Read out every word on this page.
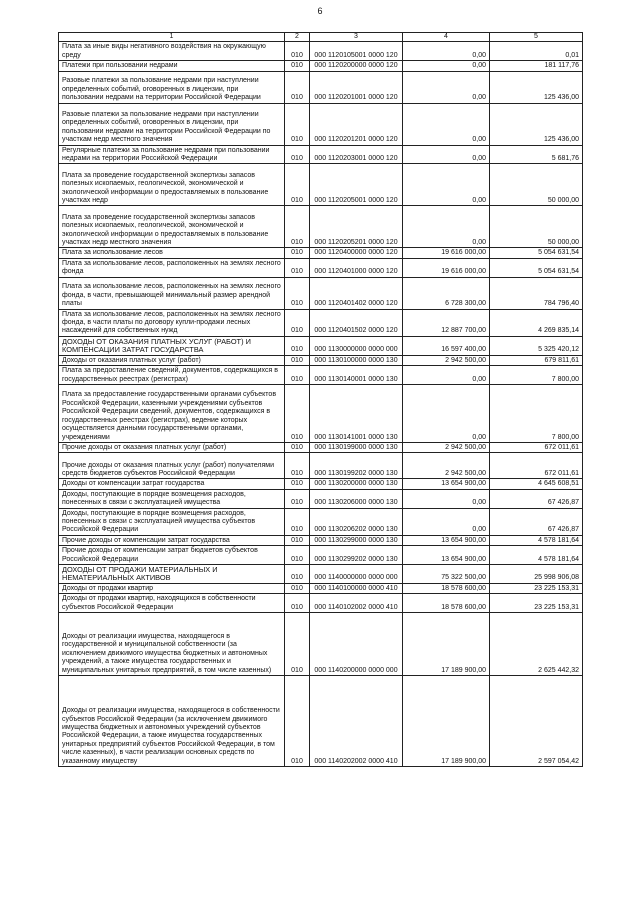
6
1	2	3	4	5
Плата за иные виды негативного воздействия на окружающую среду	010	000 1120105001 0000 120	0,00	0,01
Платежи при пользовании недрами	010	000 1120200000 0000 120	0,00	181 117,76
Разовые платежи за пользование недрами при наступлении определенных событий, оговоренных в лицензии, при пользовании недрами на территории Российской Федерации	010	000 1120201001 0000 120	0,00	125 436,00
Разовые платежи за пользование недрами при наступлении определенных событий, оговоренных в лицензии, при пользовании недрами на территории Российской Федерации по участкам недр местного значения	010	000 1120201201 0000 120	0,00	125 436,00
Регулярные платежи за пользование недрами при пользовании недрами на территории Российской Федерации	010	000 1120203001 0000 120	0,00	5 681,76
Плата за проведение государственной экспертизы запасов полезных ископаемых, геологической, экономической и экологической информации о предоставляемых в пользование участках недр	010	000 1120205001 0000 120	0,00	50 000,00
Плата за проведение государственной экспертизы запасов полезных ископаемых, геологической, экономической и экологической информации о предоставляемых в пользование участках недр местного значения	010	000 1120205201 0000 120	0,00	50 000,00
Плата за использование лесов	010	000 1120400000 0000 120	19 616 000,00	5 054 631,54
Плата за использование лесов, расположенных на землях лесного фонда	010	000 1120401000 0000 120	19 616 000,00	5 054 631,54
Плата за использование лесов, расположенных на землях лесного фонда, в части, превышающей минимальный размер арендной платы	010	000 1120401402 0000 120	6 728 300,00	784 796,40
Плата за использование лесов, расположенных на землях лесного фонда, в части платы по договору купли-продажи лесных насаждений для собственных нужд	010	000 1120401502 0000 120	12 887 700,00	4 269 835,14
ДОХОДЫ ОТ ОКАЗАНИЯ ПЛАТНЫХ УСЛУГ (РАБОТ) И КОМПЕНСАЦИИ ЗАТРАТ ГОСУДАРСТВА	010	000 1130000000 0000 000	16 597 400,00	5 325 420,12
Доходы от оказания платных услуг (работ)	010	000 1130100000 0000 130	2 942 500,00	679 811,61
Плата за предоставление сведений, документов, содержащихся в государственных реестрах (регистрах)	010	000 1130140001 0000 130	0,00	7 800,00
Плата за предоставление государственными органами субъектов Российской Федерации, казенными учреждениями субъектов Российской Федерации сведений, документов, содержащихся в государственных реестрах (регистрах), ведение которых осуществляется данными государственными органами, учреждениями	010	000 1130141001 0000 130	0,00	7 800,00
Прочие доходы от оказания платных услуг (работ)	010	000 1130199000 0000 130	2 942 500,00	672 011,61
Прочие доходы от оказания платных услуг (работ) получателями средств бюджетов субъектов Российской Федерации	010	000 1130199202 0000 130	2 942 500,00	672 011,61
Доходы от компенсации затрат государства	010	000 1130200000 0000 130	13 654 900,00	4 645 608,51
Доходы, поступающие в порядке возмещения расходов, понесенных в связи с эксплуатацией имущества	010	000 1130206000 0000 130	0,00	67 426,87
Доходы, поступающие в порядке возмещения расходов, понесенных в связи с эксплуатацией имущества субъектов Российской Федерации	010	000 1130206202 0000 130	0,00	67 426,87
Прочие доходы от компенсации затрат государства	010	000 1130299000 0000 130	13 654 900,00	4 578 181,64
Прочие доходы от компенсации затрат бюджетов субъектов Российской Федерации	010	000 1130299202 0000 130	13 654 900,00	4 578 181,64
ДОХОДЫ ОТ ПРОДАЖИ МАТЕРИАЛЬНЫХ И НЕМАТЕРИАЛЬНЫХ АКТИВОВ	010	000 1140000000 0000 000	75 322 500,00	25 998 906,08
Доходы от продажи квартир	010	000 1140100000 0000 410	18 578 600,00	23 225 153,31
Доходы от продажи квартир, находящихся в собственности субъектов Российской Федерации	010	000 1140102002 0000 410	18 578 600,00	23 225 153,31
Доходы от реализации имущества, находящегося в государственной и муниципальной собственности (за исключением движимого имущества бюджетных и автономных учреждений, а также имущества государственных и муниципальных унитарных предприятий, в том числе казенных)	010	000 1140200000 0000 000	17 189 900,00	2 625 442,32
Доходы от реализации имущества, находящегося в собственности субъектов Российской Федерации (за исключением движимого имущества бюджетных и автономных учреждений субъектов Российской Федерации, а также имущества государственных унитарных предприятий субъектов Российской Федерации, в том числе казенных), в части реализации основных средств по указанному имуществу	010	000 1140202002 0000 410	17 189 900,00	2 597 054,42
